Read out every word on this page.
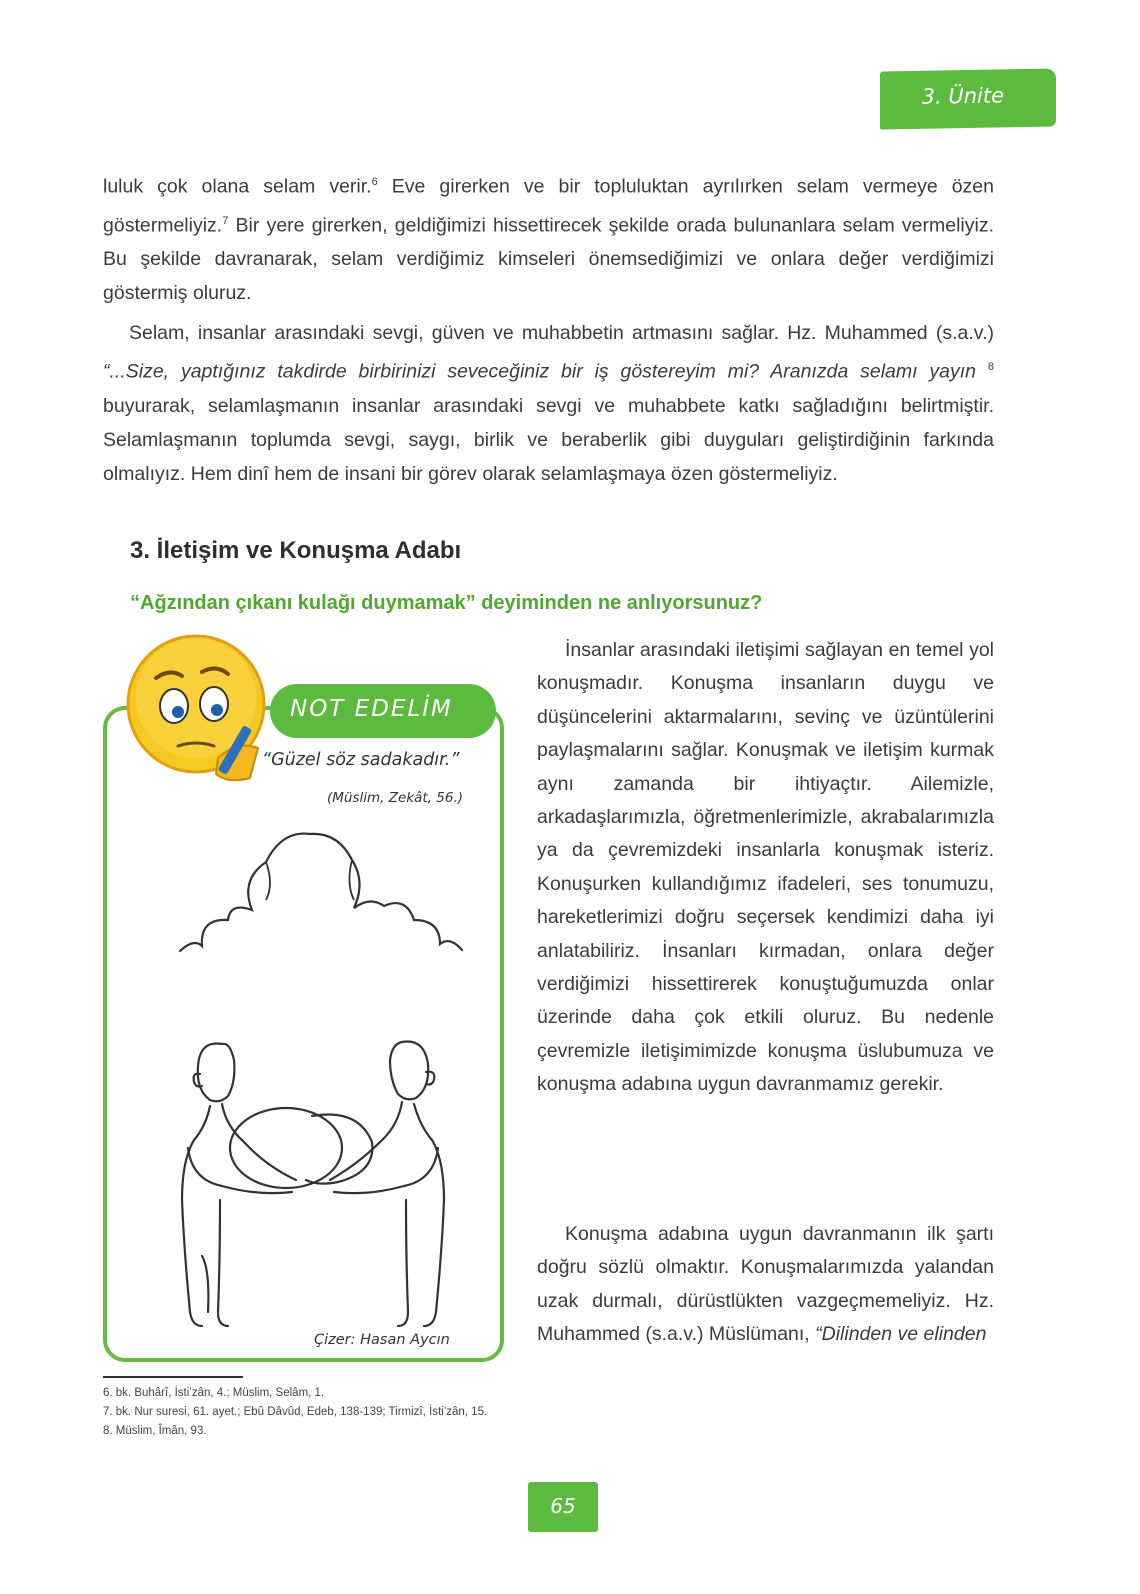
3. Ünite

luluk çok olana selam verir.$^6$ Eve girerken ve bir topluluktan ayrılırken selam vermeye özen göstermeliyiz.$^7$ Bir yere girerken, geldiğimizi hissettirecek şekilde orada bulunanlara selam vermeliyiz. Bu şekilde davranarak, selam verdiğimiz kimseleri önemsediğimizi ve onlara değer verdiğimizi göstermiş oluruz.

Selam, insanlar arasındaki sevgi, güven ve muhabbetin artmasını sağlar. Hz. Muhammed (s.a.v.) “...Size, yaptığınız takdirde birbirinizi seveceğiniz bir iş göstereyim mi? Aranızda selamı yayın $^8$ buyurarak, selamlaşmanın insanlar arasındaki sevgi ve muhabbete katkı sağladığını belirtmiştir. Selamlaşmanın toplumda sevgi, saygı, birlik ve beraberlik gibi duyguları geliştirdiğinin farkında olmalıyız. Hem dinî hem de insani bir görev olarak selamlaşmaya özen göstermeliyiz.

3. İletişim ve Konuşma Adabı

“Ağzından çıkanı kulağı duymamak” deyiminden ne anlıyorsunuz?

NOT EDELİM
“Güzel söz sadakadır.”
(Müslim, Zekât, 56.)
Çizer: Hasan Aycın

İnsanlar arasındaki iletişimi sağlayan en temel yol konuşmadır. Konuşma insanların duygu ve düşüncelerini aktarmalarını, sevinç ve üzüntülerini paylaşmalarını sağlar. Konuşmak ve iletişim kurmak aynı zamanda bir ihtiyaçtır. Ailemizle, arkadaşlarımızla, öğretmenlerimizle, akrabalarımızla ya da çevremizdeki insanlarla konuşmak isteriz. Konuşurken kullandığımız ifadeleri, ses tonumuzu, hareketlerimizi doğru seçersek kendimizi daha iyi anlatabiliriz. İnsanları kırmadan, onlara değer verdiğimizi hissettirerek konuştuğumuzda onlar üzerinde daha çok etkili oluruz. Bu nedenle çevremizle iletişimimizde konuşma üslubumuza ve konuşma adabına uygun davranmamız gerekir.

Konuşma adabına uygun davranmanın ilk şartı doğru sözlü olmaktır. Konuşmalarımızda yalandan uzak durmalı, dürüstlükten vazgeçmemeliyiz. Hz. Muhammed (s.a.v.) Müslümanı, “Dilinden ve elinden

6. bk. Buhârî, İsti’zân, 4.; Müslim, Selâm, 1.
7. bk. Nur suresi, 61. ayet.; Ebû Dâvûd, Edeb, 138-139; Tirmizî, İsti’zân, 15.
8. Müslim, Îmân, 93.
65
